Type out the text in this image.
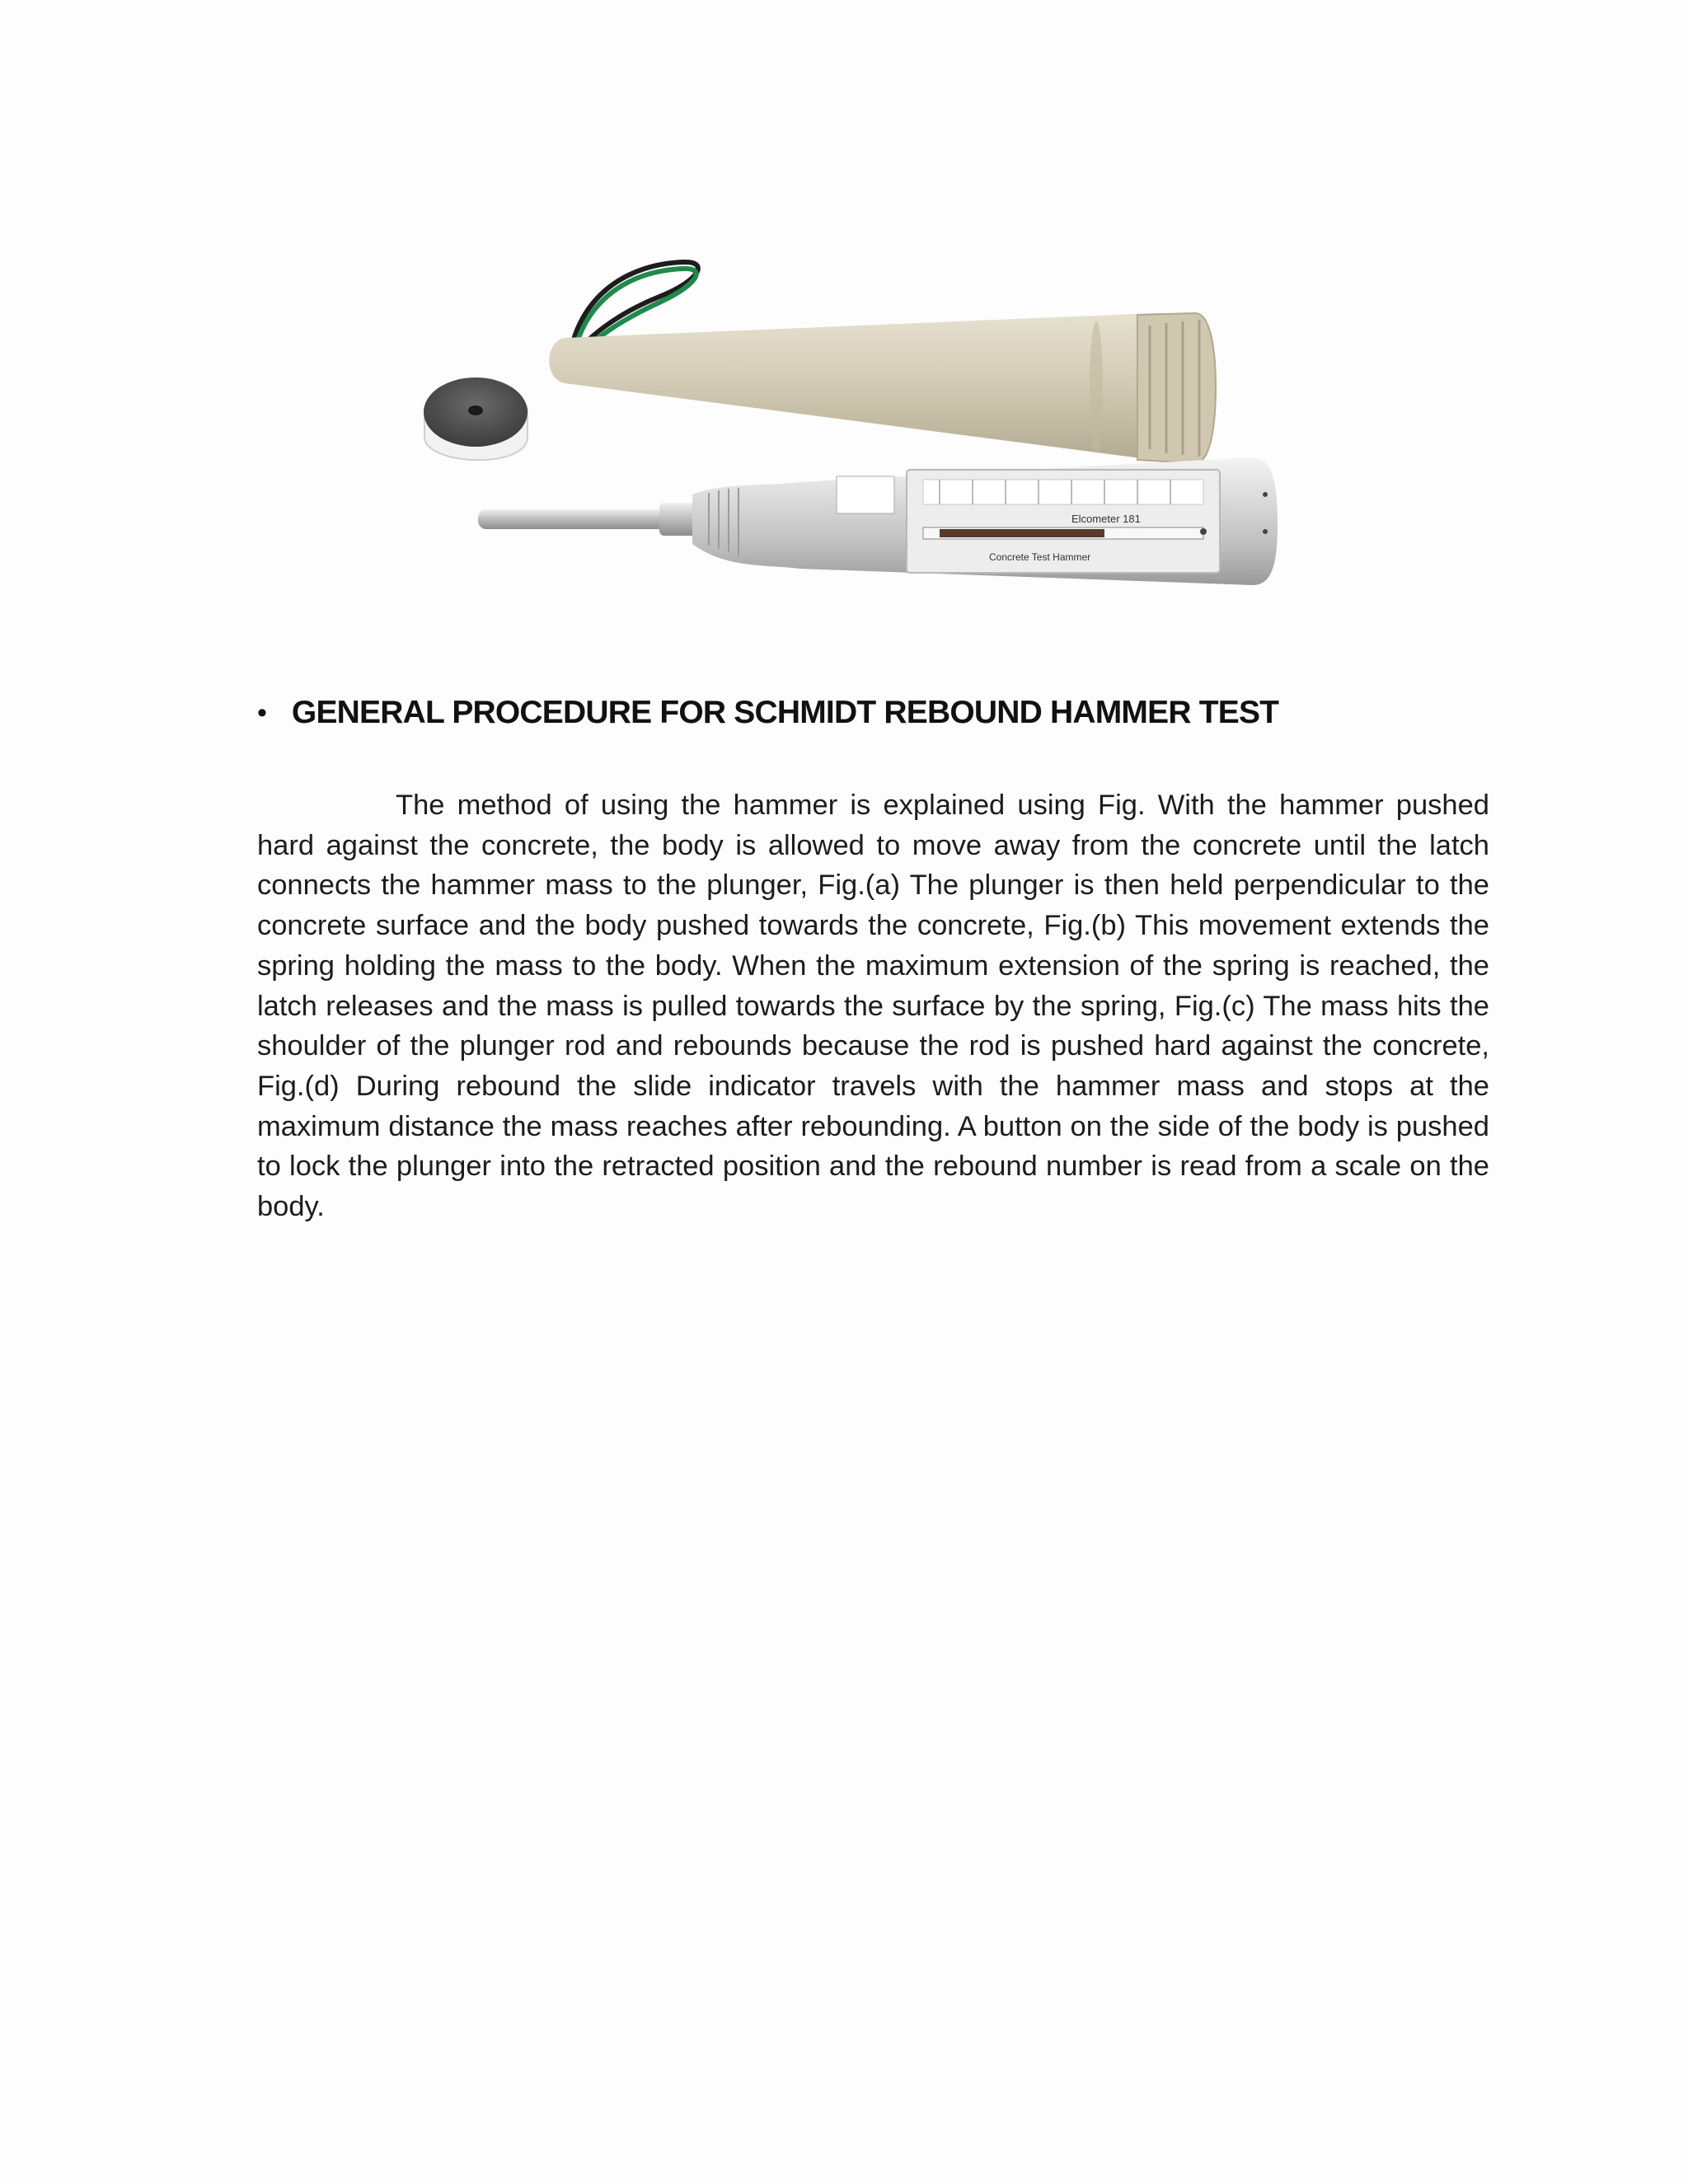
Elcometer 181
Concrete Test Hammer
• GENERAL PROCEDURE FOR SCHMIDT REBOUND HAMMER TEST

The method of using the hammer is explained using Fig. With the hammer pushed hard against the concrete, the body is allowed to move away from the concrete until the latch connects the hammer mass to the plunger, Fig.(a) The plunger is then held perpendicular to the concrete surface and the body pushed towards the concrete, Fig.(b) This movement extends the spring holding the mass to the body. When the maximum extension of the spring is reached, the latch releases and the mass is pulled towards the surface by the spring, Fig.(c) The mass hits the shoulder of the plunger rod and rebounds because the rod is pushed hard against the concrete, Fig.(d) During rebound the slide indicator travels with the hammer mass and stops at the maximum distance the mass reaches after rebounding. A button on the side of the body is pushed to lock the plunger into the retracted position and the rebound number is read from a scale on the body.
